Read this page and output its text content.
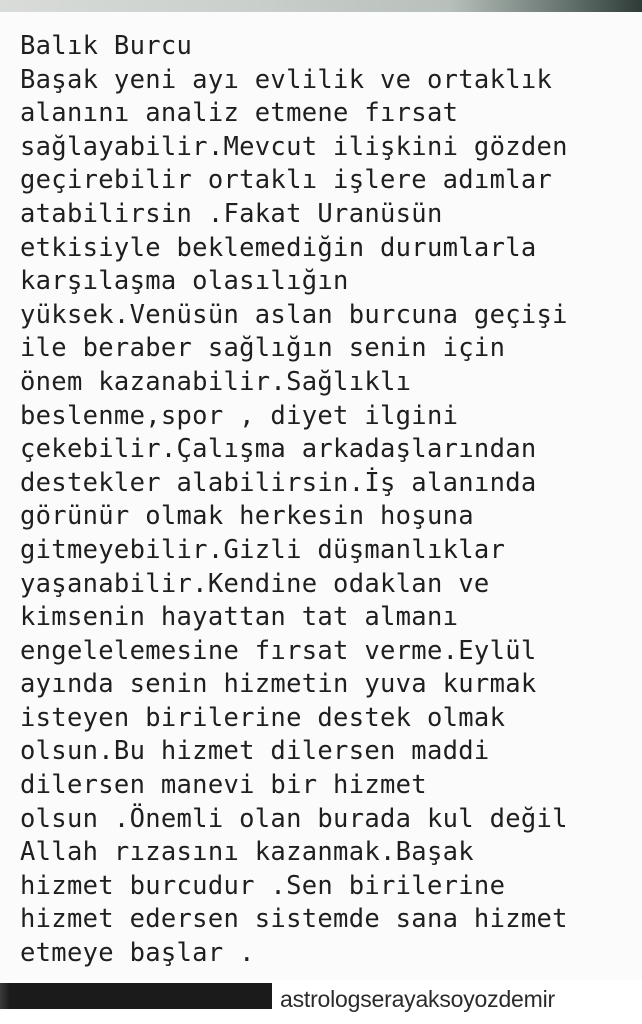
Balık Burcu
Başak yeni ayı evlilik ve ortaklık
alanını analiz etmene fırsat
sağlayabilir.Mevcut ilişkini gözden
geçirebilir ortaklı işlere adımlar
atabilirsin .Fakat Uranüsün
etkisiyle beklemediğin durumlarla
karşılaşma olasılığın
yüksek.Venüsün aslan burcuna geçişi
ile beraber sağlığın senin için
önem kazanabilir.Sağlıklı
beslenme,spor , diyet ilgini
çekebilir.Çalışma arkadaşlarından
destekler alabilirsin.İş alanında
görünür olmak herkesin hoşuna
gitmeyebilir.Gizli düşmanlıklar
yaşanabilir.Kendine odaklan ve
kimsenin hayattan tat almanı
engelelemesine fırsat verme.Eylül
ayında senin hizmetin yuva kurmak
isteyen birilerine destek olmak
olsun.Bu hizmet dilersen maddi
dilersen manevi bir hizmet
olsun .Önemli olan burada kul değil
Allah rızasını kazanmak.Başak
hizmet burcudur .Sen birilerine
hizmet edersen sistemde sana hizmet
etmeye başlar .
astrologserayaksoyozdemir
